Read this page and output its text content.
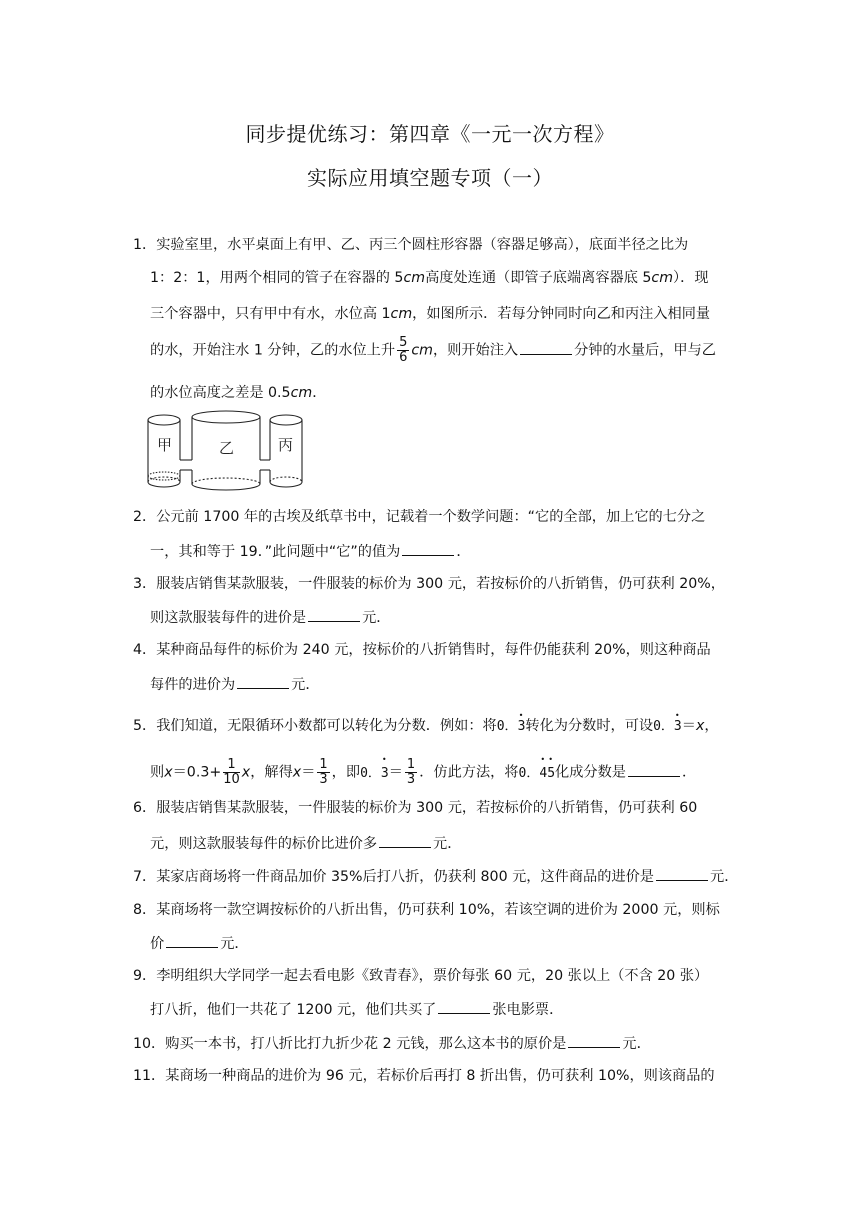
同步提优练习：第四章《一元一次方程》
实际应用填空题专项（一）
1．实验室里，水平桌面上有甲、乙、丙三个圆柱形容器（容器足够高），底面半径之比为
1：2：1，用两个相同的管子在容器的 5cm高度处连通（即管子底端离容器底 5cm）．现
三个容器中，只有甲中有水，水位高 1cm，如图所示．若每分钟同时向乙和丙注入相同量
的水，开始注水 1 分钟，乙的水位上升 $\frac{5}{6}$ cm，则开始注入	分钟的水量后，甲与乙
的水位高度之差是 0.5cm．
甲	乙	丙
2．公元前 1700 年的古埃及纸草书中，记载着一个数学问题：“它的全部，加上它的七分之
一，其和等于 19．”此问题中“它”的值为	．
3．服装店销售某款服装，一件服装的标价为 300 元，若按标价的八折销售，仍可获利 20%，
则这款服装每件的进价是	元．
4．某种商品每件的标价为 240 元，按标价的八折销售时，每件仍能获利 20%，则这种商品
每件的进价为	元．
5．我们知道，无限循环小数都可以转化为分数．例如：将0．• 3转化为分数时，可设0．• 3＝x，
则$x=0.3+ \frac{1}{10}$ x，解得$x= \frac{1}{3}$ ，即0．• $3= \frac{1}{3}$ ．仿此方法，将0．• 4• 5化成分数是	．
6．服装店销售某款服装，一件服装的标价为 300 元，若按标价的八折销售，仍可获利 60
元，则这款服装每件的标价比进价多	元．
7．某家店商场将一件商品加价 35%后打八折，仍获利 800 元，这件商品的进价是	元．
8．某商场将一款空调按标价的八折出售，仍可获利 10%，若该空调的进价为 2000 元，则标
价	元．
9．李明组织大学同学一起去看电影《致青春》，票价每张 60 元，20 张以上（不含 20 张）
打八折，他们一共花了 1200 元，他们共买了	张电影票．
10．购买一本书，打八折比打九折少花 2 元钱，那么这本书的原价是	元．
11．某商场一种商品的进价为 96 元，若标价后再打 8 折出售，仍可获利 10%，则该商品的
